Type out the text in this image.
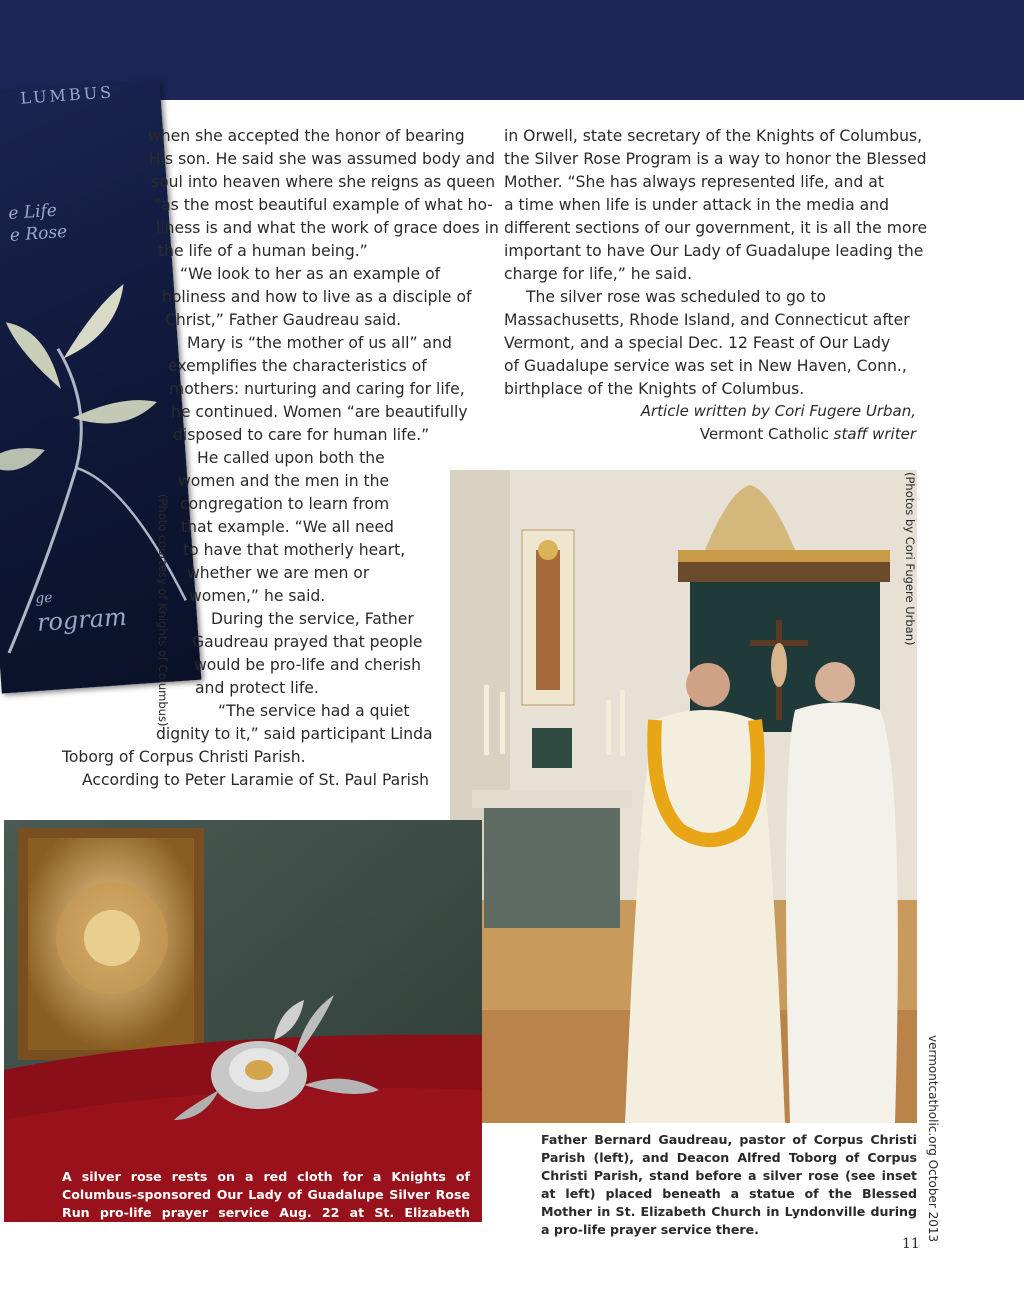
LUMBUS
e Life
e Rose
ge
rogram (Photo courtesy of Knights of Columbus)
when she accepted the honor of bearing
His son. He said she was assumed body and
soul into heaven where she reigns as queen
“as the most beautiful example of what ho-
liness is and what the work of grace does in
the life of a human being.”
“We look to her as an example of
holiness and how to live as a disciple of
Christ,” Father Gaudreau said.
Mary is “the mother of us all” and
exemplifies the characteristics of
mothers: nurturing and caring for life,
he continued. Women “are beautifully
disposed to care for human life.”
He called upon both the
women and the men in the
congregation to learn from
that example. “We all need
to have that motherly heart,
whether we are men or
women,” he said.
During the service, Father
Gaudreau prayed that people
would be pro-life and cherish
and protect life.
“The service had a quiet
dignity to it,” said participant Linda
Toborg of Corpus Christi Parish.
According to Peter Laramie of St. Paul Parish
in Orwell, state secretary of the Knights of Columbus,
the Silver Rose Program is a way to honor the Blessed
Mother. “She has always represented life, and at
a time when life is under attack in the media and
different sections of our government, it is all the more
important to have Our Lady of Guadalupe leading the
charge for life,” he said.
The silver rose was scheduled to go to
Massachusetts, Rhode Island, and Connecticut after
Vermont, and a special Dec. 12 Feast of Our Lady
of Guadalupe service was set in New Haven, Conn.,
birthplace of the Knights of Columbus.
Article written by Cori Fugere Urban,
Vermont Catholic staff writer
(Photos by Cori Fugere Urban)
A silver rose rests on a red cloth for a Knights of Columbus-sponsored Our Lady of Guadalupe Silver Rose Run pro-life prayer service Aug. 22 at St. Elizabeth Church in Lyndonville.
Father Bernard Gaudreau, pastor of Corpus Christi Parish (left), and Deacon Alfred Toborg of Corpus Christi Parish, stand before a silver rose (see inset at left) placed beneath a statue of the Blessed Mother in St. Elizabeth Church in Lyndonville during a pro-life prayer service there.	vermontcatholic.org October 2013
11
